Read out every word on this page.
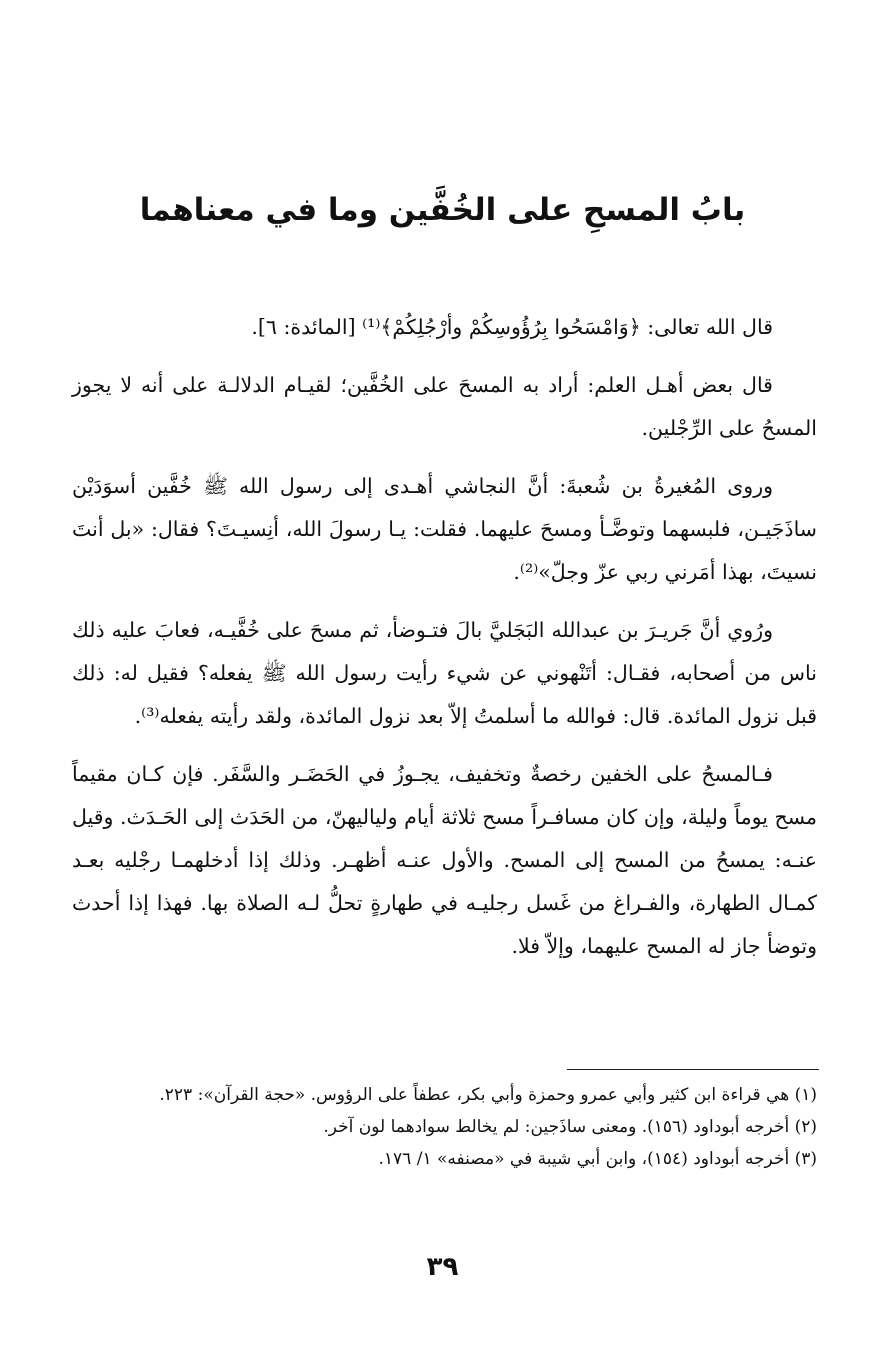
بابُ المسحِ على الخُفَّين وما في معناهما

قال الله تعالى: ﴿وَامْسَحُوا بِرُؤُوسِكُمْ وأرْجُلِكُمْ﴾⁽¹⁾ [المائدة: ٦].

قال بعض أهـل العلم: أراد به المسحَ على الخُفَّين؛ لقيـام الدلالـة على أنه لا يجوز المسحُ على الرِّجْلين.

وروى المُغيرةُ بن شُعبةَ: أنَّ النجاشي أهـدى إلى رسول الله ﷺ خُفَّين أسوَدَيْن ساذَجَيـن، فلبسهما وتوضَّـأ ومسحَ عليهما. فقلت: يـا رسولَ الله، أنِسيـتَ؟ فقال: «بل أنتَ نسيتَ، بهذا أمَرني ربي عزّ وجلّ»⁽²⁾.

ورُوي أنَّ جَريـرَ بن عبدالله البَجَليَّ بالَ فتـوضأ، ثم مسحَ على خُفَّيـه، فعابَ عليه ذلك ناس من أصحابه، فقـال: أتَنْهوني عن شيء رأيت رسول الله ﷺ يفعله؟ فقيل له: ذلك قبل نزول المائدة. قال: فوالله ما أسلمتُ إلاّ بعد نزول المائدة، ولقد رأيته يفعله⁽³⁾.

فـالمسحُ على الخفين رخصةٌ وتخفيف، يجـوزُ في الحَضَـر والسَّفَر. فإن كـان مقيماً مسح يوماً وليلة، وإن كان مسافـراً مسح ثلاثة أيام ولياليهنّ، من الحَدَث إلى الحَـدَث. وقيل عنـه: يمسحُ من المسح إلى المسح. والأول عنـه أظهـر. وذلك إذا أدخلهمـا رجْليه بعـد كمـال الطهارة، والفـراغ من غَسل رجليـه في طهارةٍ تحلُّ لـه الصلاة بها. فهذا إذا أحدث وتوضأ جاز له المسح عليهما، وإلاّ فلا.

(١) هي قراءة ابن كثير وأبي عمرو وحمزة وأبي بكر، عطفاً على الرؤوس. «حجة القرآن»: ٢٢٣.
(٢) أخرجه أبوداود (١٥٦). ومعنى ساذَجين: لم يخالط سوادهما لون آخر.
(٣) أخرجه أبوداود (١٥٤)، وابن أبي شيبة في «مصنفه» ١/ ١٧٦.
٣٩
